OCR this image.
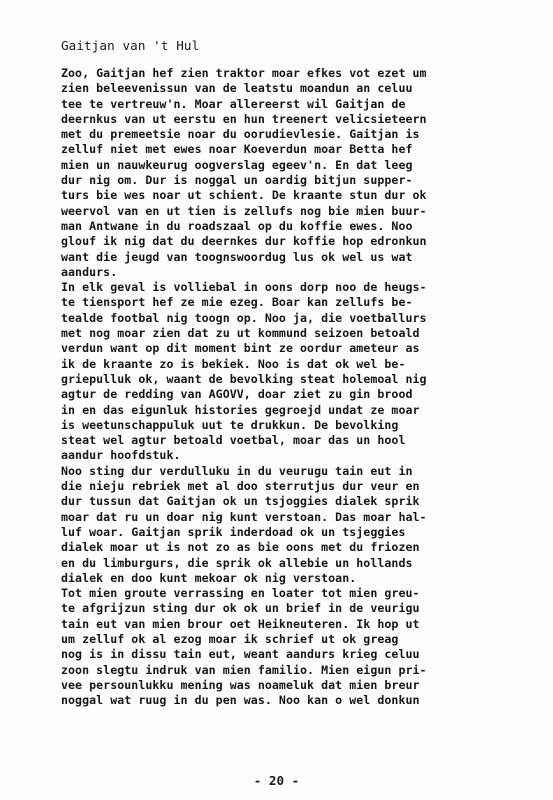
Gaitjan van 't Hul
Zoo, Gaitjan hef zien traktor moar efkes vot ezet um
zien beleevenissun van de leatstu moandun an celuu
tee te vertreuw'n. Moar allereerst wil Gaitjan de
deernkus van ut eerstu en hun treenert velicsieteern
met du premeetsie noar du oorudievlesie. Gaitjan is
zelluf niet met ewes noar Koeverdun moar Betta hef
mien un nauwkeurug oogverslag egeev'n. En dat leeg
dur nig om. Dur is noggal un oardig bitjun supper-
turs bie wes noar ut schient. De kraante stun dur ok
weervol van en ut tien is zellufs nog bie mien buur-
man Antwane in du roadszaal op du koffie ewes. Noo
glouf ik nig dat du deernkes dur koffie hop edronkun
want die jeugd van toognswoordug lus ok wel us wat
aandurs.
In elk geval is volliebal in oons dorp noo de heugs-
te tiensport hef ze mie ezeg. Boar kan zellufs be-
tealde footbal nig toogn op. Noo ja, die voetballurs
met nog moar zien dat zu ut kommund seizoen betoald
verdun want op dit moment bint ze oordur ameteur as
ik de kraante zo is bekiek. Noo is dat ok wel be-
griepulluk ok, waant de bevolking steat holemoal nig
agtur de redding van AGOVV, doar ziet zu gin brood
in en das eigunluk histories gegroejd undat ze moar
is weetunschappuluk uut te drukkun. De bevolking
steat wel agtur betoald voetbal, moar das un hool
aandur hoofdstuk.
Noo sting dur verdulluku in du veurugu tain eut in
die nieju rebriek met al doo sterrutjus dur veur en
dur tussun dat Gaitjan ok un tsjoggies dialek sprik
moar dat ru un doar nig kunt verstoan. Das moar hal-
luf woar. Gaitjan sprik inderdoad ok un tsjeggies
dialek moar ut is not zo as bie oons met du friozen
en du limburgurs, die sprik ok allebie un hollands
dialek en doo kunt mekoar ok nig verstoan.
Tot mien groute verrassing en loater tot mien greu-
te afgrijzun sting dur ok ok un brief in de veurigu
tain eut van mien brour oet Heikneuteren. Ik hop ut
um zelluf ok al ezog moar ik schrief ut ok greag
nog is in dissu tain eut, weant aandurs krieg celuu
zoon slegtu indruk van mien familio. Mien eigun pri-
vee persounlukku mening was noameluk dat mien breur
noggal wat ruug in du pen was. Noo kan o wel donkun
- 20 -
